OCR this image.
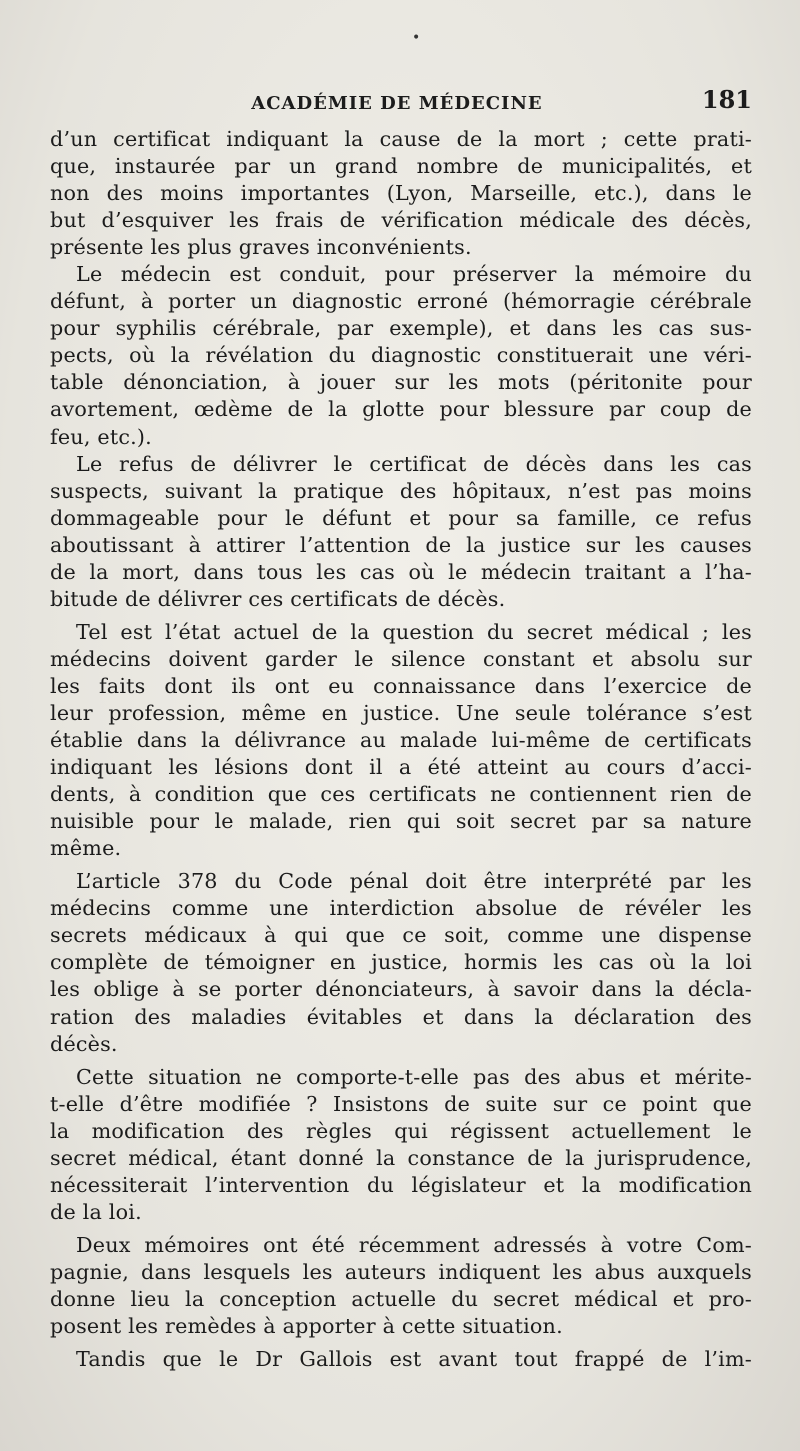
•
ACADÉMIE DE MÉDECINE	181
d’un certificat indiquant la cause de la mort ; cette prati-
que, instaurée par un grand nombre de municipalités, et
non des moins importantes (Lyon, Marseille, etc.), dans le
but d’esquiver les frais de vérification médicale des décès,
présente les plus graves inconvénients.
Le médecin est conduit, pour préserver la mémoire du
défunt, à porter un diagnostic erroné (hémorragie cérébrale
pour syphilis cérébrale, par exemple), et dans les cas sus-
pects, où la révélation du diagnostic constituerait une véri-
table dénonciation, à jouer sur les mots (péritonite pour
avortement, œdème de la glotte pour blessure par coup de
feu, etc.).
Le refus de délivrer le certificat de décès dans les cas
suspects, suivant la pratique des hôpitaux, n’est pas moins
dommageable pour le défunt et pour sa famille, ce refus
aboutissant à attirer l’attention de la justice sur les causes
de la mort, dans tous les cas où le médecin traitant a l’ha-
bitude de délivrer ces certificats de décès.
Tel est l’état actuel de la question du secret médical ; les
médecins doivent garder le silence constant et absolu sur
les faits dont ils ont eu connaissance dans l’exercice de
leur profession, même en justice. Une seule tolérance s’est
établie dans la délivrance au malade lui-même de certificats
indiquant les lésions dont il a été atteint au cours d’acci-
dents, à condition que ces certificats ne contiennent rien de
nuisible pour le malade, rien qui soit secret par sa nature
même.
L’article 378 du Code pénal doit être interprété par les
médecins comme une interdiction absolue de révéler les
secrets médicaux à qui que ce soit, comme une dispense
complète de témoigner en justice, hormis les cas où la loi
les oblige à se porter dénonciateurs, à savoir dans la décla-
ration des maladies évitables et dans la déclaration des
décès.
Cette situation ne comporte-t-elle pas des abus et mérite-
t-elle d’être modifiée ? Insistons de suite sur ce point que
la modification des règles qui régissent actuellement le
secret médical, étant donné la constance de la jurisprudence,
nécessiterait l’intervention du législateur et la modification
de la loi.
Deux mémoires ont été récemment adressés à votre Com-
pagnie, dans lesquels les auteurs indiquent les abus auxquels
donne lieu la conception actuelle du secret médical et pro-
posent les remèdes à apporter à cette situation.
Tandis que le Dr Gallois est avant tout frappé de l’im-
